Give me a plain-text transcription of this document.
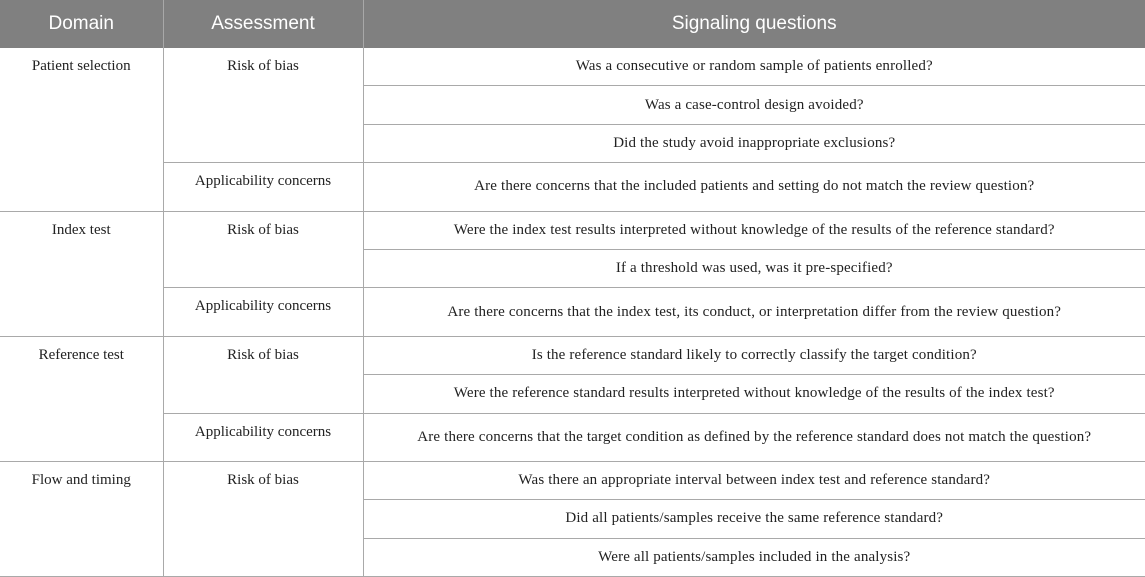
Domain	Assessment	Signaling questions
Patient selection	Risk of bias	Was a consecutive or random sample of patients enrolled?
		Was a case-control design avoided?
		Did the study avoid inappropriate exclusions?
	Applicability concerns	Are there concerns that the included patients and setting do not match the review question?
Index test	Risk of bias	Were the index test results interpreted without knowledge of the results of the reference standard?
		If a threshold was used, was it pre-specified?
	Applicability concerns	Are there concerns that the index test, its conduct, or interpretation differ from the review question?
Reference test	Risk of bias	Is the reference standard likely to correctly classify the target condition?
		Were the reference standard results interpreted without knowledge of the results of the index test?
	Applicability concerns	Are there concerns that the target condition as defined by the reference standard does not match the question?
Flow and timing	Risk of bias	Was there an appropriate interval between index test and reference standard?
		Did all patients/samples receive the same reference standard?
		Were all patients/samples included in the analysis?
